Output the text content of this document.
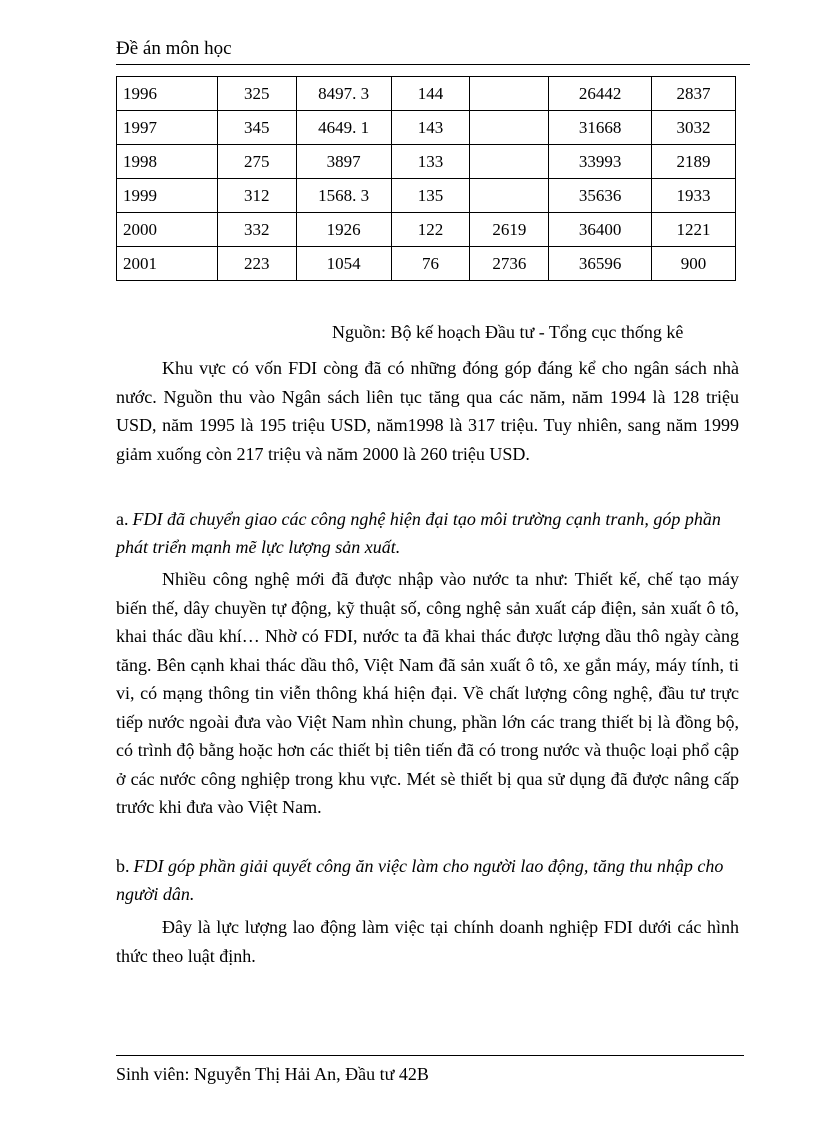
Đề án môn học
1996	325	8497. 3	144		26442	2837
1997	345	4649. 1	143		31668	3032
1998	275	3897	133		33993	2189
1999	312	1568. 3	135		35636	1933
2000	332	1926	122	2619	36400	1221
2001	223	1054	76	2736	36596	900
Nguồn: Bộ kế hoạch Đầu tư - Tổng cục thống kê

Khu vực có vốn FDI còng đã có những đóng góp đáng kể cho ngân sách nhà nước. Nguồn thu vào Ngân sách liên tục tăng qua các năm, năm 1994 là 128 triệu USD, năm 1995 là 195 triệu USD, năm1998 là 317 triệu. Tuy nhiên, sang năm 1999 giảm xuống còn 217 triệu và năm 2000 là 260 triệu USD.

a. FDI đã chuyển giao các công nghệ hiện đại tạo môi trường cạnh tranh, góp phần phát triển mạnh mẽ lực lượng sản xuất.

Nhiều công nghệ mới đã được nhập vào nước ta như: Thiết kế, chế tạo máy biến thế, dây chuyền tự động, kỹ thuật số, công nghệ sản xuất cáp điện, sản xuất ô tô, khai thác dầu khí… Nhờ có FDI, nước ta đã khai thác được lượng dầu thô ngày càng tăng. Bên cạnh khai thác dầu thô, Việt Nam đã sản xuất ô tô, xe gắn máy, máy tính, ti vi, có mạng thông tin viễn thông khá hiện đại. Về chất lượng công nghệ, đầu tư trực tiếp nước ngoài đưa vào Việt Nam nhìn chung, phần lớn các trang thiết bị là đồng bộ, có trình độ bằng hoặc hơn các thiết bị tiên tiến đã có trong nước và thuộc loại phổ cập ở các nước công nghiệp trong khu vực. Mét sè thiết bị qua sử dụng đã được nâng cấp trước khi đưa vào Việt Nam.

b. FDI góp phần giải quyết công ăn việc làm cho người lao động, tăng thu nhập cho người dân.

Đây là lực lượng lao động làm việc tại chính doanh nghiệp FDI dưới các hình thức theo luật định.

Sinh viên: Nguyễn Thị Hải An, Đầu tư 42B
